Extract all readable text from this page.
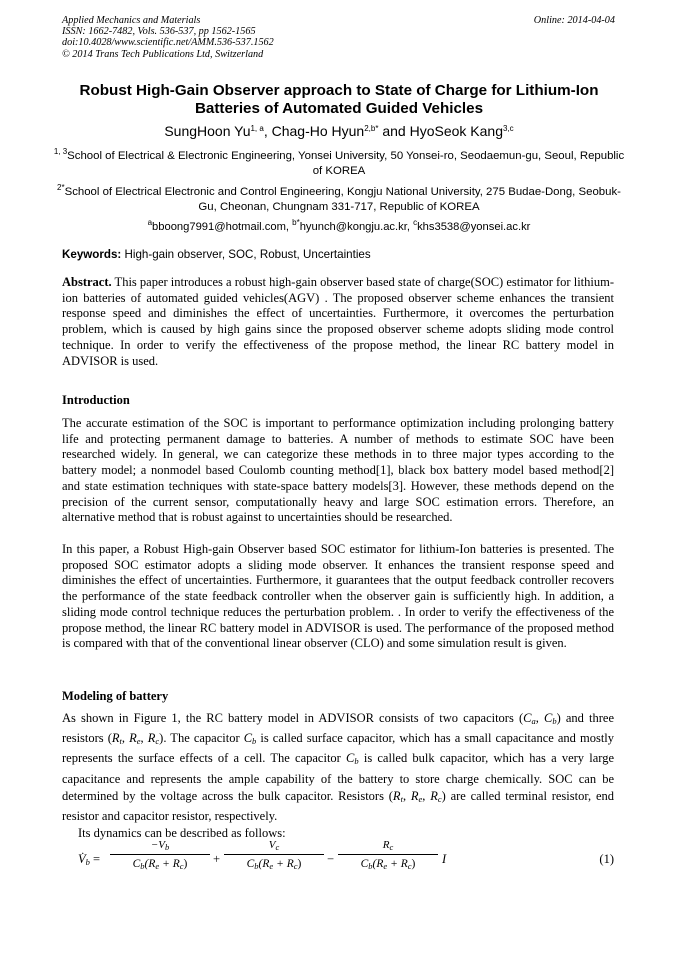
Applied Mechanics and Materials
ISSN: 1662-7482, Vols. 536-537, pp 1562-1565
doi:10.4028/www.scientific.net/AMM.536-537.1562
© 2014 Trans Tech Publications Ltd, Switzerland
Online: 2014-04-04
Robust High-Gain Observer approach to State of Charge for Lithium-Ion Batteries of Automated Guided Vehicles
SungHoon Yu$^{1, a}$, Chag-Ho Hyun$^{2,b*}$ and HyoSeok Kang$^{3,c}$
$^{1, 3}$School of Electrical & Electronic Engineering, Yonsei University, 50 Yonsei-ro, Seodaemun-gu, Seoul, Republic of KOREA
$^{2*}$School of Electrical Electronic and Control Engineering, Kongju National University, 275 Budae-Dong, Seobuk-Gu, Cheonan, Chungnam 331-717, Republic of KOREA
$^a$bboong7991@hotmail.com, $^{b*}$hyunch@kongju.ac.kr, $^c$khs3538@yonsei.ac.kr
Keywords: High-gain observer, SOC, Robust, Uncertainties
Abstract. This paper introduces a robust high-gain observer based state of charge(SOC) estimator for lithium-ion batteries of automated guided vehicles(AGV) . The proposed observer scheme enhances the transient response speed and diminishes the effect of uncertainties. Furthermore, it overcomes the perturbation problem, which is caused by high gains since the proposed observer scheme adopts sliding mode control technique. In order to verify the effectiveness of the propose method, the linear RC battery model in ADVISOR is used.
Introduction
The accurate estimation of the SOC is important to performance optimization including prolonging battery life and protecting permanent damage to batteries. A number of methods to estimate SOC have been researched widely. In general, we can categorize these methods in to three major types according to the battery model; a nonmodel based Coulomb counting method[1], black box battery model based method[2] and state estimation techniques with state-space battery models[3]. However, these methods depend on the precision of the current sensor, computationally heavy and large SOC estimation errors. Therefore, an alternative method that is robust against to uncertainties should be researched.
In this paper, a Robust High-gain Observer based SOC estimator for lithium-Ion batteries is presented. The proposed SOC estimator adopts a sliding mode observer. It enhances the transient response speed and diminishes the effect of uncertainties. Furthermore, it guarantees that the output feedback controller recovers the performance of the state feedback controller when the observer gain is sufficiently high. In addition, a sliding mode control technique reduces the perturbation problem. . In order to verify the effectiveness of the propose method, the linear RC battery model in ADVISOR is used. The performance of the proposed method is compared with that of the conventional linear observer (CLO) and some simulation result is given.
Modeling of battery
As shown in Figure 1, the RC battery model in ADVISOR consists of two capacitors ($C_a$, $C_b$) and three resistors ($R_t$, $R_e$, $R_c$). The capacitor $C_b$ is called surface capacitor, which has a small capacitance and mostly represents the surface effects of a cell. The capacitor $C_b$ is called bulk capacitor, which has a very large capacitance and represents the ample capability of the battery to store charge chemically. SOC can be determined by the voltage across the bulk capacitor. Resistors ($R_t$, $R_e$, $R_c$) are called terminal resistor, end resistor and capacitor resistor, respectively.
Its dynamics can be described as follows:
$V̇_b = \frac{-V_b}{C_b(R_e + R_c)} + \frac{V_c}{C_b(R_e + R_c)} - \frac{R_c}{C_b(R_e + R_c)}$ I	(1)
